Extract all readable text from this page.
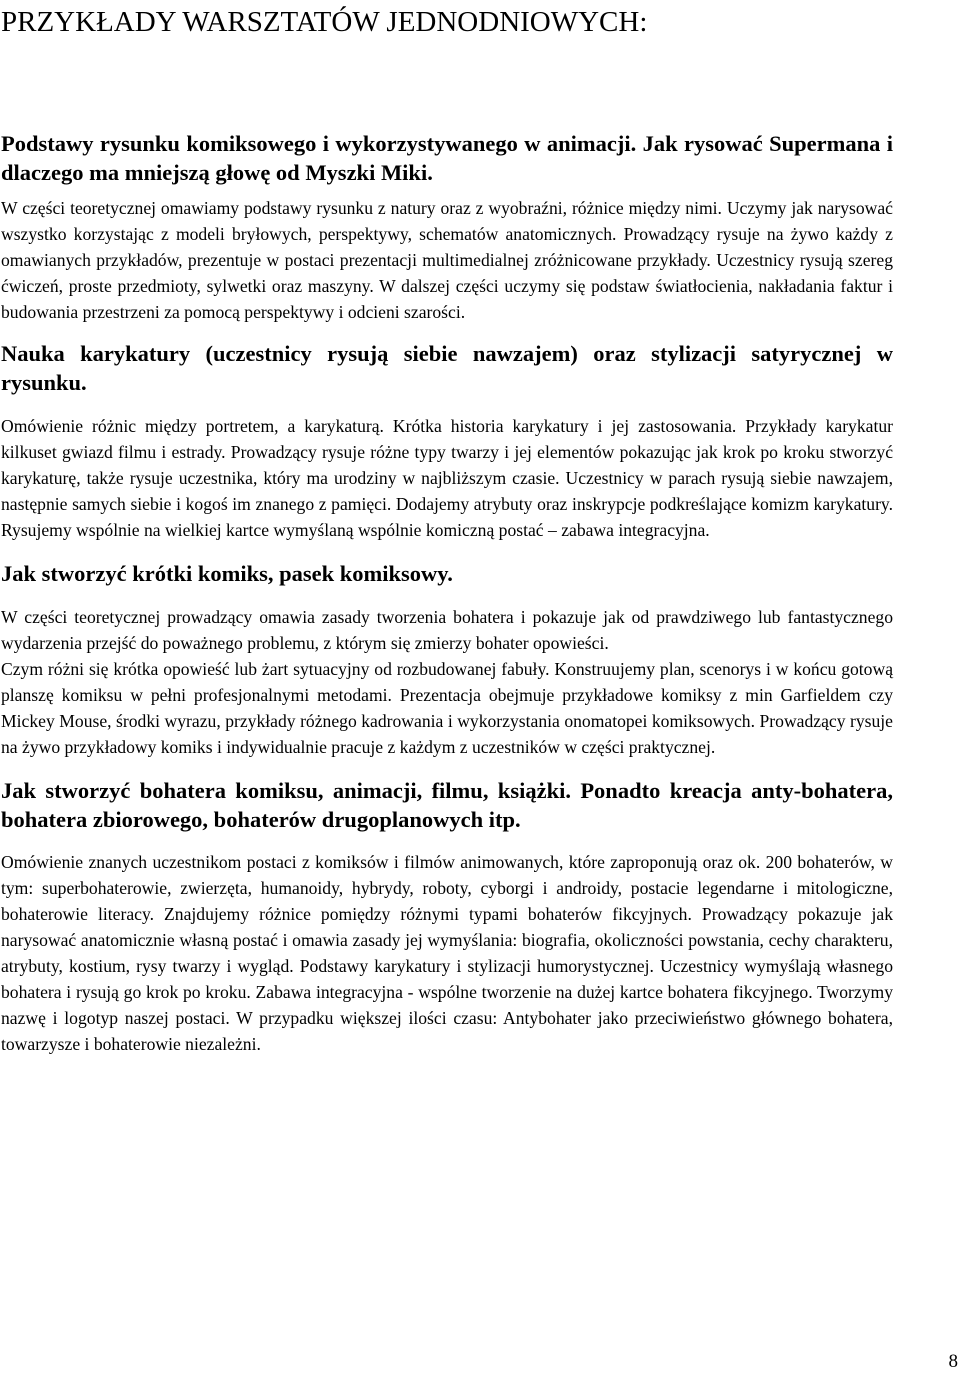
PRZYKŁADY WARSZTATÓW JEDNODNIOWYCH:

Podstawy rysunku komiksowego i wykorzystywanego w animacji. Jak rysować Supermana i dlaczego ma mniejszą głowę od Myszki Miki.

W części teoretycznej omawiamy podstawy rysunku z natury oraz z wyobraźni, różnice między nimi. Uczymy jak narysować wszystko korzystając z modeli bryłowych, perspektywy, schematów anatomicznych. Prowadzący rysuje na żywo każdy z omawianych przykładów, prezentuje w postaci prezentacji multimedialnej zróżnicowane przykłady. Uczestnicy rysują szereg ćwiczeń, proste przedmioty, sylwetki oraz maszyny. W dalszej części uczymy się podstaw światłocienia, nakładania faktur i budowania przestrzeni za pomocą perspektywy i odcieni szarości.

Nauka karykatury (uczestnicy rysują siebie nawzajem) oraz stylizacji satyrycznej w rysunku.

Omówienie różnic między portretem, a karykaturą. Krótka historia karykatury i jej zastosowania. Przykłady karykatur kilkuset gwiazd filmu i estrady. Prowadzący rysuje różne typy twarzy i jej elementów pokazując jak krok po kroku stworzyć karykaturę, także rysuje uczestnika, który ma urodziny w najbliższym czasie. Uczestnicy w parach rysują siebie nawzajem, następnie samych siebie i kogoś im znanego z pamięci. Dodajemy atrybuty oraz inskrypcje podkreślające komizm karykatury. Rysujemy wspólnie na wielkiej kartce wymyślaną wspólnie komiczną postać – zabawa integracyjna.

Jak stworzyć krótki komiks, pasek komiksowy.

W części teoretycznej prowadzący omawia zasady tworzenia bohatera i pokazuje jak od prawdziwego lub fantastycznego wydarzenia przejść do poważnego problemu, z którym się zmierzy bohater opowieści.

Czym różni się krótka opowieść lub żart sytuacyjny od rozbudowanej fabuły. Konstruujemy plan, scenorys i w końcu gotową planszę komiksu w pełni profesjonalnymi metodami. Prezentacja obejmuje przykładowe komiksy z min Garfieldem czy Mickey Mouse, środki wyrazu, przykłady różnego kadrowania i wykorzystania onomatopei komiksowych. Prowadzący rysuje na żywo przykładowy komiks i indywidualnie pracuje z każdym z uczestników w części praktycznej.

Jak stworzyć bohatera komiksu, animacji, filmu, książki. Ponadto kreacja anty-bohatera, bohatera zbiorowego, bohaterów drugoplanowych itp.

Omówienie znanych uczestnikom postaci z komiksów i filmów animowanych, które zaproponują oraz ok. 200 bohaterów, w tym: superbohaterowie, zwierzęta, humanoidy, hybrydy, roboty, cyborgi i androidy, postacie legendarne i mitologiczne, bohaterowie literacy. Znajdujemy różnice pomiędzy różnymi typami bohaterów fikcyjnych. Prowadzący pokazuje jak narysować anatomicznie własną postać i omawia zasady jej wymyślania: biografia, okoliczności powstania, cechy charakteru, atrybuty, kostium, rysy twarzy i wygląd. Podstawy karykatury i stylizacji humorystycznej. Uczestnicy wymyślają własnego bohatera i rysują go krok po kroku. Zabawa integracyjna - wspólne tworzenie na dużej kartce bohatera fikcyjnego. Tworzymy nazwę i logotyp naszej postaci. W przypadku większej ilości czasu: Antybohater jako przeciwieństwo głównego bohatera, towarzysze i bohaterowie niezależni.

8
